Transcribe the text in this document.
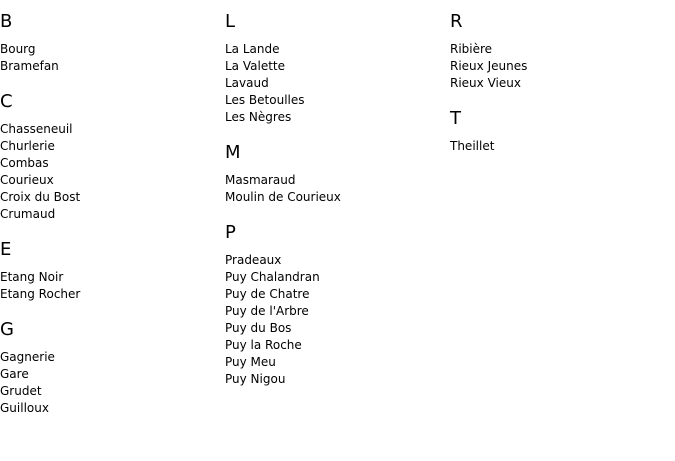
B
Bourg
Bramefan
C
Chasseneuil
Churlerie
Combas
Courieux
Croix du Bost
Crumaud
E
Etang Noir
Etang Rocher
G
Gagnerie
Gare
Grudet
Guilloux
L
La Lande
La Valette
Lavaud
Les Betoulles
Les Nègres
M
Masmaraud
Moulin de Courieux
P
Pradeaux
Puy Chalandran
Puy de Chatre
Puy de l'Arbre
Puy du Bos
Puy la Roche
Puy Meu
Puy Nigou
R
Ribière
Rieux Jeunes
Rieux Vieux
T
Theillet
